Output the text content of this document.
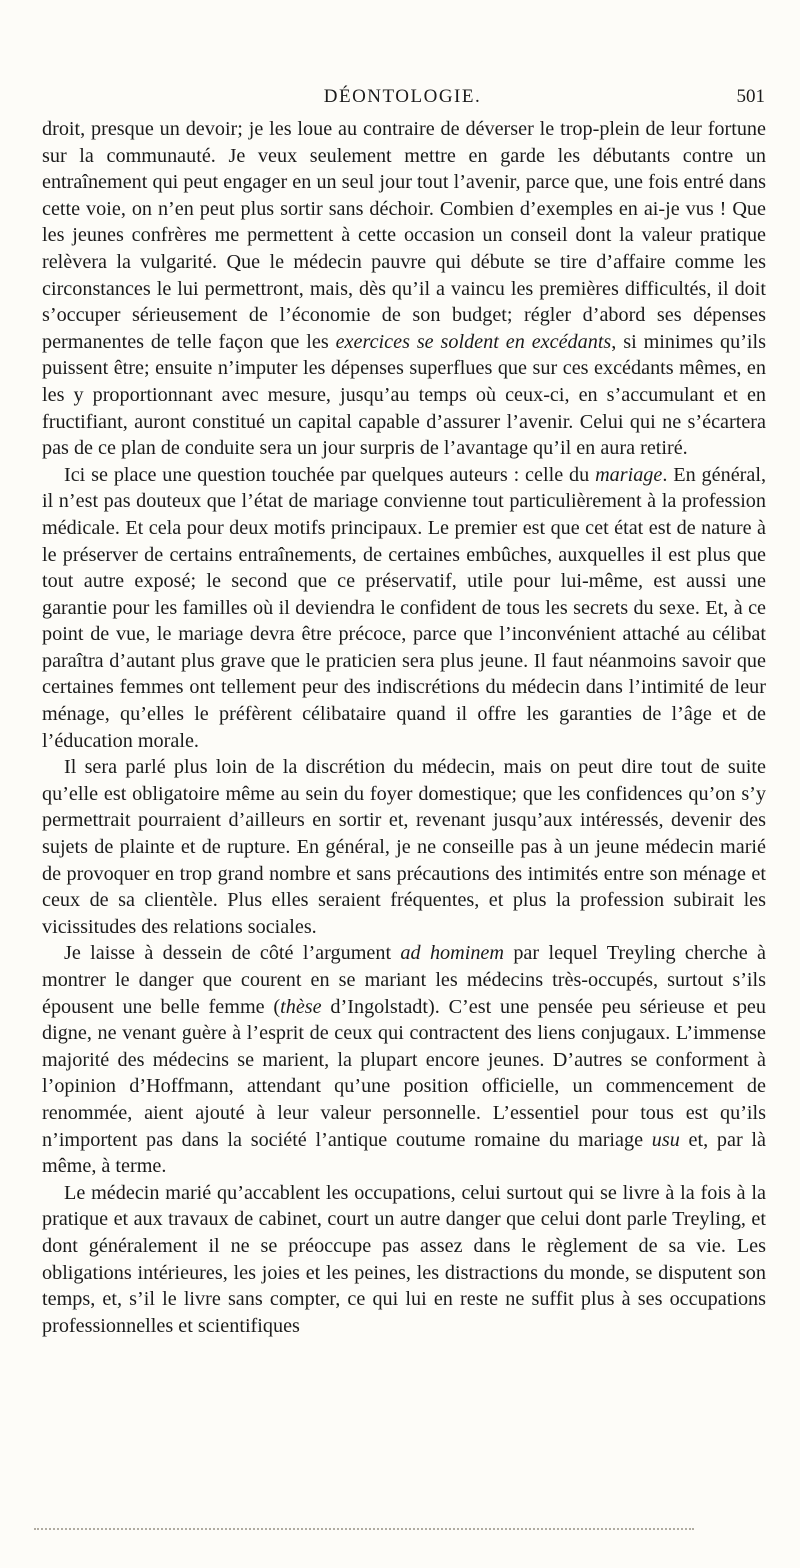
DÉONTOLOGIE.	501

droit, presque un devoir; je les loue au contraire de déverser le trop-plein de leur fortune sur la communauté. Je veux seulement mettre en garde les débutants contre un entraînement qui peut engager en un seul jour tout l’avenir, parce que, une fois entré dans cette voie, on n’en peut plus sortir sans déchoir. Combien d’exemples en ai-je vus ! Que les jeunes confrères me permettent à cette occasion un conseil dont la valeur pratique relèvera la vulgarité. Que le médecin pauvre qui débute se tire d’affaire comme les circonstances le lui permettront, mais, dès qu’il a vaincu les premières difficultés, il doit s’occuper sérieusement de l’économie de son budget; régler d’abord ses dépenses permanentes de telle façon que les exercices se soldent en excédants, si minimes qu’ils puissent être; ensuite n’imputer les dépenses superflues que sur ces excédants mêmes, en les y proportionnant avec mesure, jusqu’au temps où ceux-ci, en s’accumulant et en fructifiant, auront constitué un capital capable d’assurer l’avenir. Celui qui ne s’écartera pas de ce plan de conduite sera un jour surpris de l’avantage qu’il en aura retiré.

Ici se place une question touchée par quelques auteurs : celle du mariage. En général, il n’est pas douteux que l’état de mariage convienne tout particulièrement à la profession médicale. Et cela pour deux motifs principaux. Le premier est que cet état est de nature à le préserver de certains entraînements, de certaines embûches, auxquelles il est plus que tout autre exposé; le second que ce préservatif, utile pour lui-même, est aussi une garantie pour les familles où il deviendra le confident de tous les secrets du sexe. Et, à ce point de vue, le mariage devra être précoce, parce que l’inconvénient attaché au célibat paraîtra d’autant plus grave que le praticien sera plus jeune. Il faut néanmoins savoir que certaines femmes ont tellement peur des indiscrétions du médecin dans l’intimité de leur ménage, qu’elles le préfèrent célibataire quand il offre les garanties de l’âge et de l’éducation morale.

Il sera parlé plus loin de la discrétion du médecin, mais on peut dire tout de suite qu’elle est obligatoire même au sein du foyer domestique; que les confidences qu’on s’y permettrait pourraient d’ailleurs en sortir et, revenant jusqu’aux intéressés, devenir des sujets de plainte et de rupture. En général, je ne conseille pas à un jeune médecin marié de provoquer en trop grand nombre et sans précautions des intimités entre son ménage et ceux de sa clientèle. Plus elles seraient fréquentes, et plus la profession subirait les vicissitudes des relations sociales.

Je laisse à dessein de côté l’argument ad hominem par lequel Treyling cherche à montrer le danger que courent en se mariant les médecins très-occupés, surtout s’ils épousent une belle femme (thèse d’Ingolstadt). C’est une pensée peu sérieuse et peu digne, ne venant guère à l’esprit de ceux qui contractent des liens conjugaux. L’immense majorité des médecins se marient, la plupart encore jeunes. D’autres se conforment à l’opinion d’Hoffmann, attendant qu’une position officielle, un commencement de renommée, aient ajouté à leur valeur personnelle. L’essentiel pour tous est qu’ils n’importent pas dans la société l’antique coutume romaine du mariage usu et, par là même, à terme.

Le médecin marié qu’accablent les occupations, celui surtout qui se livre à la fois à la pratique et aux travaux de cabinet, court un autre danger que celui dont parle Treyling, et dont généralement il ne se préoccupe pas assez dans le règlement de sa vie. Les obligations intérieures, les joies et les peines, les distractions du monde, se disputent son temps, et, s’il le livre sans compter, ce qui lui en reste ne suffit plus à ses occupations professionnelles et scientifiques
